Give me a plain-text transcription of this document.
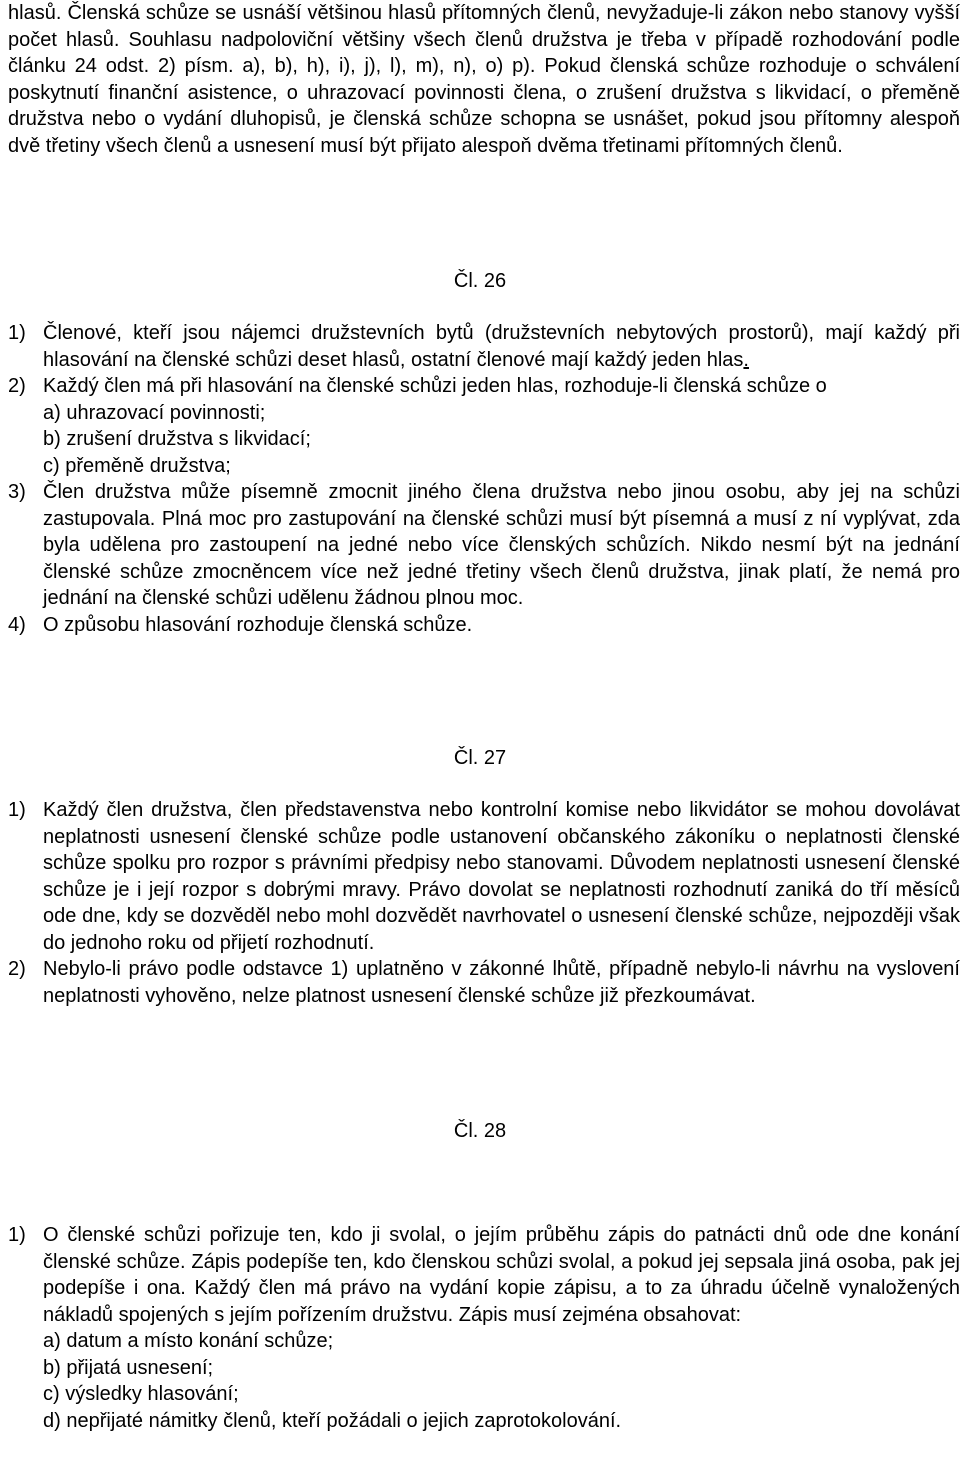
hlasů. Členská schůze se usnáší většinou hlasů přítomných členů, nevyžaduje-li zákon nebo stanovy vyšší počet hlasů. Souhlasu nadpoloviční většiny všech členů družstva je třeba v případě rozhodování podle článku 24 odst. 2) písm. a), b), h), i), j), l), m), n), o) p). Pokud členská schůze rozhoduje o schválení poskytnutí finanční asistence, o uhrazovací povinnosti člena, o zrušení družstva s likvidací, o přeměně družstva nebo o vydání dluhopisů, je členská schůze schopna se usnášet, pokud jsou přítomny alespoň dvě třetiny všech členů a usnesení musí být přijato alespoň dvěma třetinami přítomných členů.

Čl. 26
1) Členové, kteří jsou nájemci družstevních bytů (družstevních nebytových prostorů), mají každý při hlasování na členské schůzi deset hlasů, ostatní členové mají každý jeden hlas.
2) Každý člen má při hlasování na členské schůzi jeden hlas, rozhoduje-li členská schůze o
a) uhrazovací povinnosti;
b) zrušení družstva s likvidací;
c) přeměně družstva;
3) Člen družstva může písemně zmocnit jiného člena družstva nebo jinou osobu, aby jej na schůzi zastupovala. Plná moc pro zastupování na členské schůzi musí být písemná a musí z ní vyplývat, zda byla udělena pro zastoupení na jedné nebo více členských schůzích. Nikdo nesmí být na jednání členské schůze zmocněncem více než jedné třetiny všech členů družstva, jinak platí, že nemá pro jednání na členské schůzi udělenu žádnou plnou moc.
4) O způsobu hlasování rozhoduje členská schůze.
Čl. 27
1) Každý člen družstva, člen představenstva nebo kontrolní komise nebo likvidátor se mohou dovolávat neplatnosti usnesení členské schůze podle ustanovení občanského zákoníku o neplatnosti členské schůze spolku pro rozpor s právními předpisy nebo stanovami. Důvodem neplatnosti usnesení členské schůze je i její rozpor s dobrými mravy. Právo dovolat se neplatnosti rozhodnutí zaniká do tří měsíců ode dne, kdy se dozvěděl nebo mohl dozvědět navrhovatel o usnesení členské schůze, nejpozději však do jednoho roku od přijetí rozhodnutí.
2) Nebylo-li právo podle odstavce 1) uplatněno v zákonné lhůtě, případně nebylo-li návrhu na vyslovení neplatnosti vyhověno, nelze platnost usnesení členské schůze již přezkoumávat.
Čl. 28
1) O členské schůzi pořizuje ten, kdo ji svolal, o jejím průběhu zápis do patnácti dnů ode dne konání členské schůze. Zápis podepíše ten, kdo členskou schůzi svolal, a pokud jej sepsala jiná osoba, pak jej podepíše i ona. Každý člen má právo na vydání kopie zápisu, a to za úhradu účelně vynaložených nákladů spojených s jejím pořízením družstvu. Zápis musí zejména obsahovat:
a) datum a místo konání schůze;
b) přijatá usnesení;
c) výsledky hlasování;
d) nepřijaté námitky členů, kteří požádali o jejich zaprotokolování.
